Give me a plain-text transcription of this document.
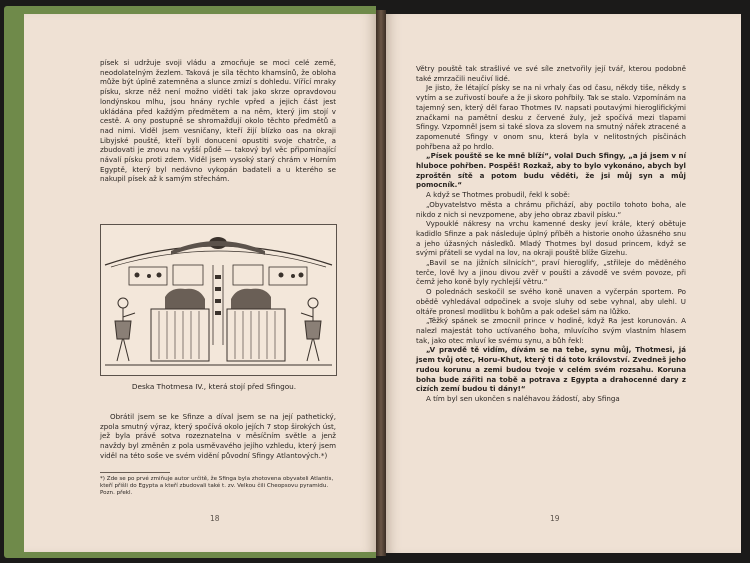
písek si udržuje svoji vládu a zmocňuje se moci celé země, neodolatelným žezlem. Taková je síla těchto khamsínů, že obloha může být úplně zatemněna a slunce zmizí s dohledu. Vířící mraky písku, skrze něž není možno viděti tak jako skrze opravdovou londýnskou mlhu, jsou hnány rychle vpřed a jejich část jest ukládána před každým předmětem a na něm, který jim stojí v cestě. A ony postupně se shromažďují okolo těchto předmětů a nad nimi. Viděl jsem vesničany, kteří žijí blízko oas na okraji Libyjské pouště, kteří byli donuceni opustiti svoje chatrče, a zbudovati je znovu na vyšší půdě — takový byl věc připomínající návalí písku proti zdem. Viděl jsem vysoký starý chrám v Horním Egyptě, který byl nedávno vykopán badateli a u kterého se nakupil písek až k samým střechám.

Deska Thotmesa IV., která stojí před Sfingou.

Obrátil jsem se ke Sfinze a díval jsem se na její pathetický, zpola smutný výraz, který spočívá okolo jejích 7 stop širokých úst, jež byla právě sotva rozeznatelna v měsíčním světle a jenž navždy byl změněn z pola usměvavého jejího vzhledu, který jsem viděl na této soše ve svém vidění původní Sfingy Atlantových.*)

*) Zde se po prvé zmiňuje autor určitě, že Sfinga byla zhotovena obyvateli Atlantis, kteří přišli do Egypta a kteří zbudovali také t. zv. Velkou čili Cheopsovu pyramidu. Pozn. překl.
18

Větry pouště tak strašlivé ve své síle znetvořily její tvář, kterou podobně také zmrzačili neučiví lidé.

Je jisto, že létající písky se na ni vrhaly čas od času, někdy tiše, někdy s vytím a se zuřivostí bouře a že ji skoro pohřbily. Tak se stalo. Vzpomínám na tajemný sen, který děl farao Thotmes IV. napsati poutavými hieroglifickými značkami na pamětní desku z červené žuly, jež spočívá mezi tlapami Sfingy. Vzpomněl jsem si také slova za slovem na smutný nářek ztracené a zapomenuté Sfingy v onom snu, která byla v nelitostných písčinách pohřbena až po hrdlo.

„Písek pouště se ke mně blíží“, volal Duch Sfingy, „a já jsem v ní hluboce pohřben. Pospěš! Rozkaž, aby to bylo vykonáno, abych byl zproštěn sítě a potom budu věděti, že jsi můj syn a můj pomocník.“

A když se Thotmes probudil, řekl k sobě:

„Obyvatelstvo města a chrámu přichází, aby poctilo tohoto boha, ale nikdo z nich si nevzpomene, aby jeho obraz zbavil písku.“

Vypouklé nákresy na vrchu kamenné desky jeví krále, který obětuje kadidlo Sfinze a pak následuje úplný příběh a historie onoho úžasného snu a jeho úžasných následků. Mladý Thotmes byl dosud princem, když se svými přáteli se vydal na lov, na okraji pouště blíže Gizehu.

„Bavil se na jižních silnicích“, praví hieroglify, „střileje do měděného terče, lově lvy a jinou divou zvěř v poušti a závodě ve svém povoze, při čemž jeho koně byly rychlejší větru.“

O polednách seskočil se svého koně unaven a vyčerpán sportem. Po obědě vyhledával odpočinek a svoje sluhy od sebe vyhnal, aby ulehl. U oltáře pronesl modlitbu k bohům a pak odešel sám na lůžko.

„Těžký spánek se zmocnil prince v hodině, když Ra jest korunován. A nalezl majestát toho uctívaného boha, mluvícího svým vlastním hlasem tak, jako otec mluví ke svému synu, a bůh řekl:

„V pravdě tě vidím, dívám se na tebe, synu můj, Thotmesi, já jsem tvůj otec, Horu-Khut, který ti dá toto království. Zvedneš jeho rudou korunu a zemi budou tvoje v celém svém rozsahu. Koruna boha bude zářiti na tobě a potrava z Egypta a drahocenné dary z cizích zemí budou ti dány!“

A tím byl sen ukončen s naléhavou žádostí, aby Sfinga

19
